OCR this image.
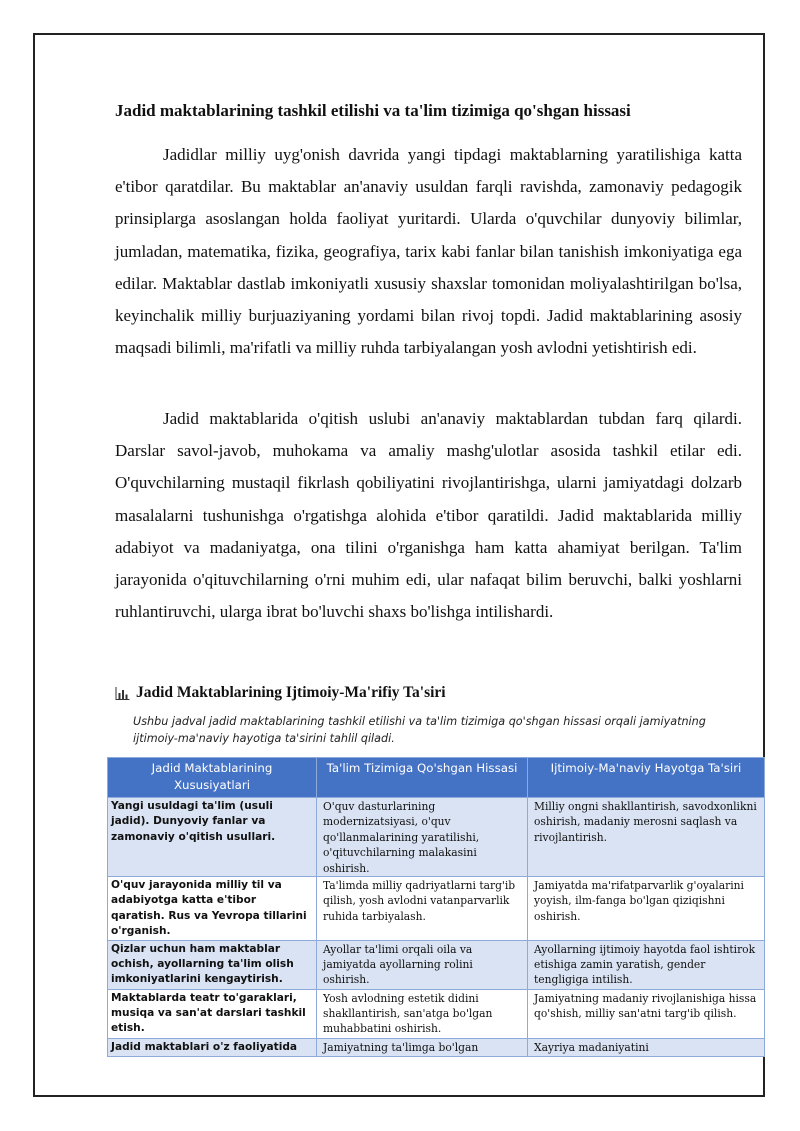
Jadid maktablarining tashkil etilishi va ta'lim tizimiga qo'shgan hissasi

Jadidlar milliy uyg'onish davrida yangi tipdagi maktablarning yaratilishiga katta e'tibor qaratdilar. Bu maktablar an'anaviy usuldan farqli ravishda, zamonaviy pedagogik prinsiplarga asoslangan holda faoliyat yuritardi. Ularda o'quvchilar dunyoviy bilimlar, jumladan, matematika, fizika, geografiya, tarix kabi fanlar bilan tanishish imkoniyatiga ega edilar. Maktablar dastlab imkoniyatli xususiy shaxslar tomonidan moliyalashtirilgan bo'lsa, keyinchalik milliy burjuaziyaning yordami bilan rivoj topdi. Jadid maktablarining asosiy maqsadi bilimli, ma'rifatli va milliy ruhda tarbiyalangan yosh avlodni yetishtirish edi.

Jadid maktablarida o'qitish uslubi an'anaviy maktablardan tubdan farq qilardi. Darslar savol-javob, muhokama va amaliy mashg'ulotlar asosida tashkil etilar edi. O'quvchilarning mustaqil fikrlash qobiliyatini rivojlantirishga, ularni jamiyatdagi dolzarb masalalarni tushunishga o'rgatishga alohida e'tibor qaratildi. Jadid maktablarida milliy adabiyot va madaniyatga, ona tilini o'rganishga ham katta ahamiyat berilgan. Ta'lim jarayonida o'qituvchilarning o'rni muhim edi, ular nafaqat bilim beruvchi, balki yoshlarni ruhlantiruvchi, ularga ibrat bo'luvchi shaxs bo'lishga intilishardi.

Jadid Maktablarining Ijtimoiy-Ma'rifiy Ta'siri

Ushbu jadval jadid maktablarining tashkil etilishi va ta'lim tizimiga qo'shgan hissasi orqali jamiyatning ijtimoiy-ma'naviy hayotiga ta'sirini tahlil qiladi.

Jadid Maktablarining Xususiyatlari	Ta'lim Tizimiga Qo'shgan Hissasi	Ijtimoiy-Ma'naviy Hayotga Ta'siri
Yangi usuldagi ta'lim (usuli jadid). Dunyoviy fanlar va zamonaviy o'qitish usullari.	O'quv dasturlarining modernizatsiyasi, o'quv qo'llanmalarining yaratilishi, o'qituvchilarning malakasini oshirish.	Milliy ongni shakllantirish, savodxonlikni oshirish, madaniy merosni saqlash va rivojlantirish.
O'quv jarayonida milliy til va adabiyotga katta e'tibor qaratish. Rus va Yevropa tillarini o'rganish.	Ta'limda milliy qadriyatlarni targ'ib qilish, yosh avlodni vatanparvarlik ruhida tarbiyalash.	Jamiyatda ma'rifatparvarlik g'oyalarini yoyish, ilm-fanga bo'lgan qiziqishni oshirish.
Qizlar uchun ham maktablar ochish, ayollarning ta'lim olish imkoniyatlarini kengaytirish.	Ayollar ta'limi orqali oila va jamiyatda ayollarning rolini oshirish.	Ayollarning ijtimoiy hayotda faol ishtirok etishiga zamin yaratish, gender tengligiga intilish.
Maktablarda teatr to'garaklari, musiqa va san'at darslari tashkil etish.	Yosh avlodning estetik didini shakllantirish, san'atga bo'lgan muhabbatini oshirish.	Jamiyatning madaniy rivojlanishiga hissa qo'shish, milliy san'atni targ'ib qilish.
Jadid maktablari o'z faoliyatida	Jamiyatning ta'limga bo'lgan	Xayriya madaniyatini
